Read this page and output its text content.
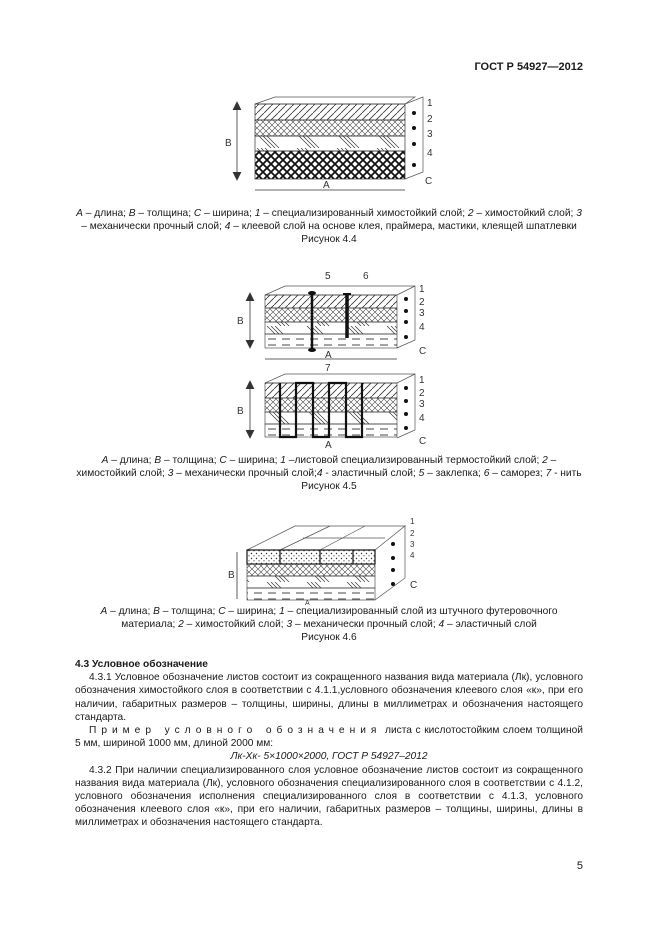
ГОСТ Р 54927—2012
B
A	C
1
2
3
4
A – длина; B – толщина; C – ширина; 1 – специализированный химостойкий слой; 2 – химостойкий слой; 3 – механически прочный слой; 4 – клеевой слой на основе клея, праймера, мастики, клеящей шпатлевки
Рисунок 4.4
5	6
B
A	C
1
2
3
4
7
B
A	C
1
2
3
4
A – длина; B – толщина; C – ширина; 1 –листовой специализированный термостойкий слой; 2 – химостойкий слой; 3 – механически прочный слой;4 - эластичный слой; 5 – заклепка; 6 – саморез; 7 - нить
Рисунок 4.5
B
A
C
1
2
3
4
A – длина; B – толщина; C – ширина; 1 – специализированный слой из штучного футеровочного материала; 2 – химостойкий слой; 3 – механически прочный слой; 4 – эластичный слой
Рисунок 4.6

4.3 Условное обозначение

4.3.1 Условное обозначение листов состоит из сокращенного названия вида материала (Лк), условного обозначения химостойкого слоя в соответствии с 4.1.1,условного обозначения клеевого слоя «к», при его наличии, габаритных размеров – толщины, ширины, длины в миллиметрах и обозначения настоящего стандарта.

Пример условного обозначения листа с кислотостойким слоем толщиной 5 мм, шириной 1000 мм, длиной 2000 мм:

Лк-Хк- 5×1000×2000, ГОСТ Р 54927–2012

4.3.2 При наличии специализированного слоя условное обозначение листов состоит из сокращенного названия вида материала (Лк), условного обозначения специализированного слоя в соответствии с 4.1.2, условного обозначения исполнения специализированного слоя в соответствии с 4.1.3, условного обозначения клеевого слоя «к», при его наличии, габаритных размеров – толщины, ширины, длины в миллиметрах и обозначения настоящего стандарта.

5
